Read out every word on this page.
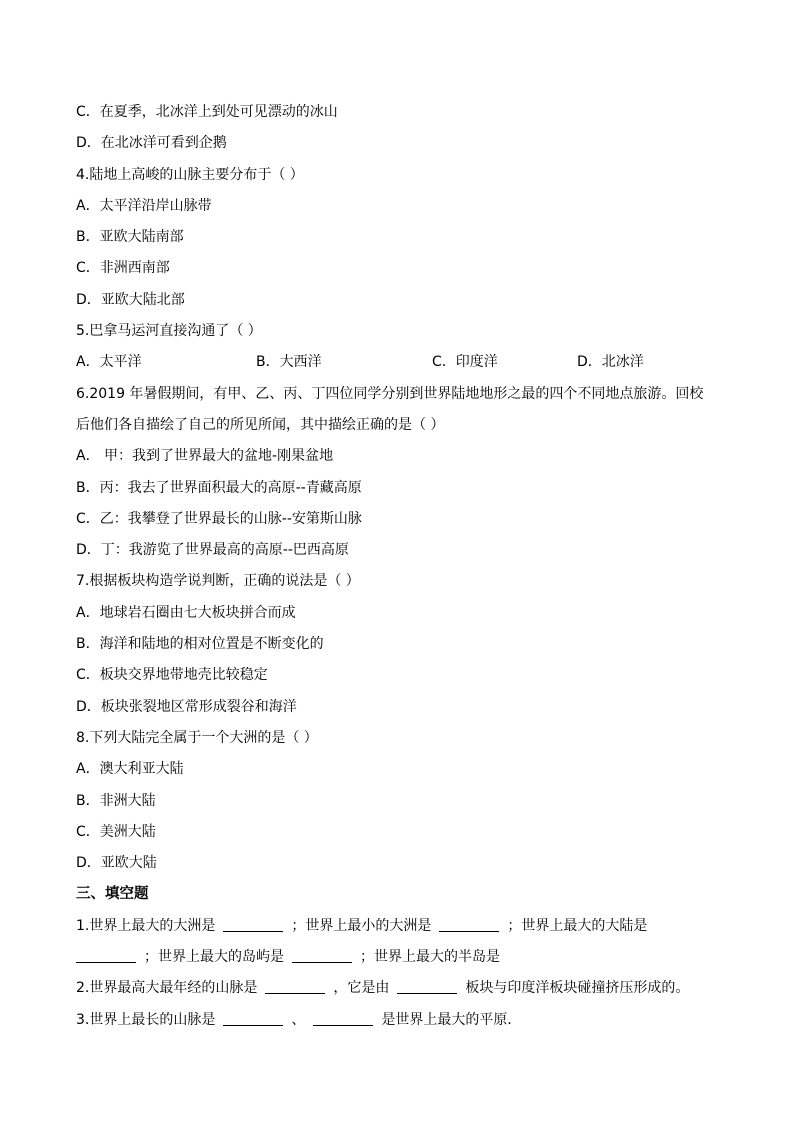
C．在夏季，北冰洋上到处可见漂动的冰山
D．在北冰洋可看到企鹅
4.陆地上高峻的山脉主要分布于（ ）
A．太平洋沿岸山脉带
B．亚欧大陆南部
C．非洲西南部
D．亚欧大陆北部
5.巴拿马运河直接沟通了（ ）
A．太平洋	B．大西洋	C．印度洋	D．北冰洋
6.2019 年暑假期间，有甲、乙、丙、丁四位同学分别到世界陆地地形之最的四个不同地点旅游。回校
后他们各自描绘了自己的所见所闻，其中描绘正确的是（ ）
A． 甲：我到了世界最大的盆地-刚果盆地
B．丙：我去了世界面积最大的高原--青藏高原
C．乙：我攀登了世界最长的山脉--安第斯山脉
D．丁：我游览了世界最高的高原--巴西高原
7.根据板块构造学说判断，正确的说法是（ ）
A．地球岩石圈由七大板块拼合而成
B．海洋和陆地的相对位置是不断变化的
C．板块交界地带地壳比较稳定
D．板块张裂地区常形成裂谷和海洋
8.下列大陆完全属于一个大洲的是（ ）
A．澳大利亚大陆
B．非洲大陆
C．美洲大陆
D．亚欧大陆
三、填空题
1.世界上最大的大洲是	；世界上最小的大洲是	；世界上最大的大陆是
；世界上最大的岛屿是	；世界上最大的半岛是
2.世界最高大最年经的山脉是	，它是由	板块与印度洋板块碰撞挤压形成的。
3.世界上最长的山脉是	、	是世界上最大的平原．
